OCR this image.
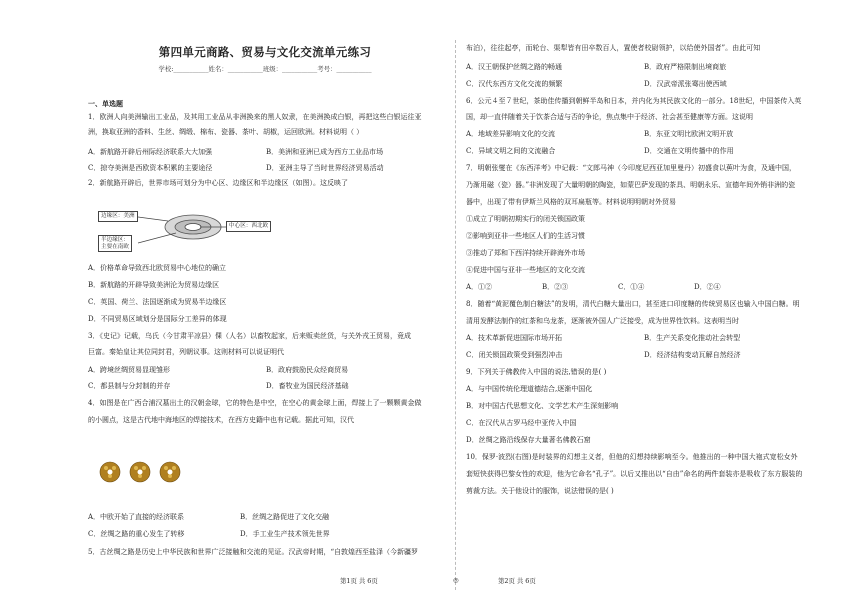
第四单元商路、贸易与文化交流单元练习
学校:___________姓名：___________班级：___________考号：___________
一、单选题
1．欧洲人向美洲输出工业品，及其用工业品从非洲换来的黑人奴隶，在美洲换成白银，再把这些白银运往亚
洲，换取亚洲的香料、生丝、绸缎、棉布、瓷器、茶叶、胡椒，运回欧洲。材料说明（ ）
A．新航路开辟后州际经济联系大大加强	B．美洲和亚洲已成为西方工业品市场
C．掠夺美洲是西欧资本积累的主要途径	D．亚洲主导了当时世界经济贸易活动
2．新航路开辟后，世界市场可划分为中心区、边缘区和半边缘区（如图）。这反映了
边缘区：美洲
中心区：西北欧
半边缘区：
主要在南欧
A．价格革命导致西北欧贸易中心地位的确立
B．新航路的开辟导致美洲沦为贸易边缘区
C．英国、荷兰、法国逐渐成为贸易半边缘区
D．不同贸易区域划分是国际分工差异的体现
3．《史记》记载，乌氏（今甘肃平凉县）倮（人名）以畜牧起家，后来贩卖丝货，与关外戎王贸易，竟成
巨富。秦始皇让其位同封君，列朝议事。这则材料可以说证明代
A．跨境丝绸贸易显现雏形	B．政府鼓励民众经商贸易
C．都县制与分封制的并存	D．畜牧业为国民经济基础
4．如图是在广西合浦汉墓出土的汉朝金球，它的特色是中空，在空心的黄金球上面，焊接上了一颗颗黄金做
的小圆点，这是古代地中海地区的焊接技术，在西方史籍中也有记载。据此可知，汉代
A．中欧开始了直接的经济联系	B．丝绸之路促进了文化交融
C．丝绸之路的重心发生了转移	D．手工业生产技术领先世界
5．古丝绸之路是历史上中华民族和世界广泛接触和交流的见证。汉武帝时期，“自敦煌西至盐泽（今新疆罗
布泊），往往起亭，而轮台、渠犁皆有田卒数百人，置使者校尉领护，以给使外国者”。由此可知
A．汉王朝保护丝绸之路的畅通	B．政府严格限制出境商旅
C．汉代东西方文化交流的频繁	D．汉武帝派张骞出使西域
6．公元４至７世纪，茶助佳传播到朝鲜半岛和日本，并内化为其民族文化的一部分。18世纪，中国茶传入英
国，却一直伴随着关于饮茶合适与否的争论，焦点集中于经济、社会甚至健康等方面。这说明
A．地域差异影响文化的交流	B．东亚文明比欧洲文明开放
C．异域文明之间的文流融合	D．交通在文明传播中的作用
7．明朝张燮在《东西洋考》中记载：“文郎马神（今印度尼西亚加里曼丹）初盛食以蕉叶为食，及通中国，
乃渐用磁（瓷）器。”非洲发现了大量明朝的陶瓷，如蒙巴萨发现的茶具、明朝永乐、宣德年间外销非洲的瓷
器中，出现了带有伊斯兰风格的双耳扁瓶等。材料说明明朝对外贸易
①成立了明朝初期实行的闭关锁国政策
②影响到亚非一些地区人们的生活习惯
③推动了郑和下西洋持续开辟海外市场
④促进中国与亚非一些地区的文化交流
A．①②	B．②③	C．①④	D．②④
8．随着“黄泥覆色制白糖法”的发明，清代白糖大量出口，甚至进口印度糖的传统贸易区也输入中国白糖。明
清用发酵法制作的红茶和乌龙茶，逐渐被外国人广泛接受，成为世界性饮料。这表明当时
A．技术革新促进国际市场开拓	B．生产关系变化推动社会转型
C．闭关锁国政策受到强烈冲击	D．经济结构变动瓦解自然经济
9．下列关于佛教传入中国的说法,错误的是( )
A．与中国传统伦理道德结合,逐渐中国化
B．对中国古代思想文化、文学艺术产生深刻影响
C．在汉代从古罗马经中亚传入中国
D．丝绸之路沿线保存大量著名佛教石窟
10．保罗·波烈(右图)是时装界的幻想主义者，但他的幻想持续影响至今。他推出的一种中国大袍式宽松女外
套短快获得巴黎女性的欢迎，他为它命名“孔子”。以后又推出以“自由”命名的两件套装亦是吸收了东方服装的
剪裁方法。关于他设计的服饰，说法错误的是( )
第1页 共 6页	◎	第2页 共 6页
